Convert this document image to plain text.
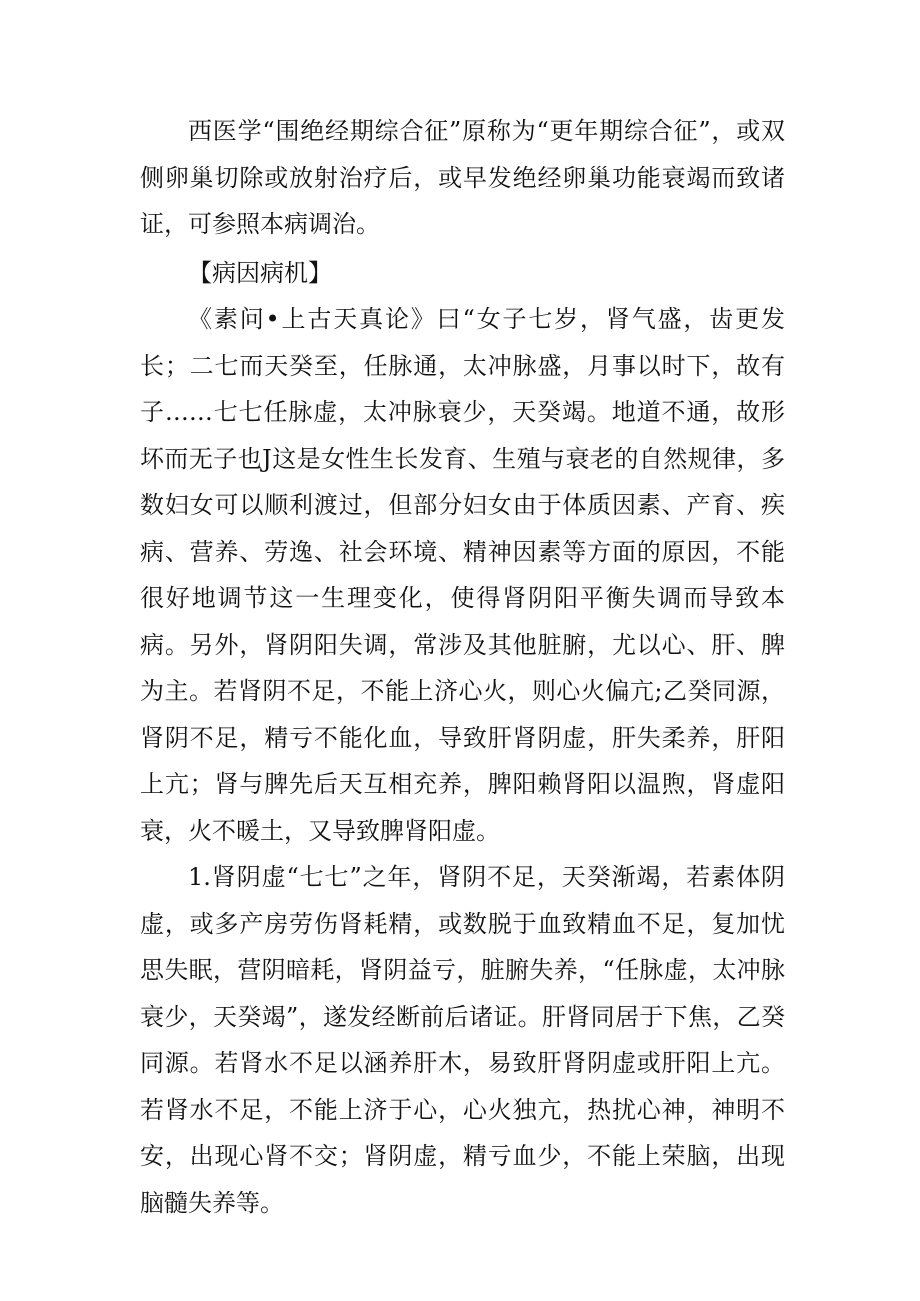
西医学“围绝经期综合征”原称为“更年期综合征”，或双侧卵巢切除或放射治疗后，或早发绝经卵巢功能衰竭而致诸证，可参照本病调治。

【病因病机】

《素问•上古天真论》曰“女子七岁，肾气盛，齿更发长；二七而天癸至，任脉通，太冲脉盛，月事以时下，故有子……七七任脉虚，太冲脉衰少，天癸竭。地道不通，故形坏而无子也J这是女性生长发育、生殖与衰老的自然规律，多数妇女可以顺利渡过，但部分妇女由于体质因素、产育、疾病、营养、劳逸、社会环境、精神因素等方面的原因，不能很好地调节这一生理变化，使得肾阴阳平衡失调而导致本病。另外，肾阴阳失调，常涉及其他脏腑，尤以心、肝、脾为主。若肾阴不足，不能上济心火，则心火偏亢;乙癸同源，肾阴不足，精亏不能化血，导致肝肾阴虚，肝失柔养，肝阳上亢；肾与脾先后天互相充养，脾阳赖肾阳以温煦，肾虚阳衰，火不暖土，又导致脾肾阳虚。

1.肾阴虚“七七”之年，肾阴不足，天癸渐竭，若素体阴虚，或多产房劳伤肾耗精，或数脱于血致精血不足，复加忧思失眠，营阴暗耗，肾阴益亏，脏腑失养，“任脉虚，太冲脉衰少，天癸竭”，遂发经断前后诸证。肝肾同居于下焦，乙癸同源。若肾水不足以涵养肝木，易致肝肾阴虚或肝阳上亢。若肾水不足，不能上济于心，心火独亢，热扰心神，神明不安，出现心肾不交；肾阴虚，精亏血少，不能上荣脑，出现脑髓失养等。
